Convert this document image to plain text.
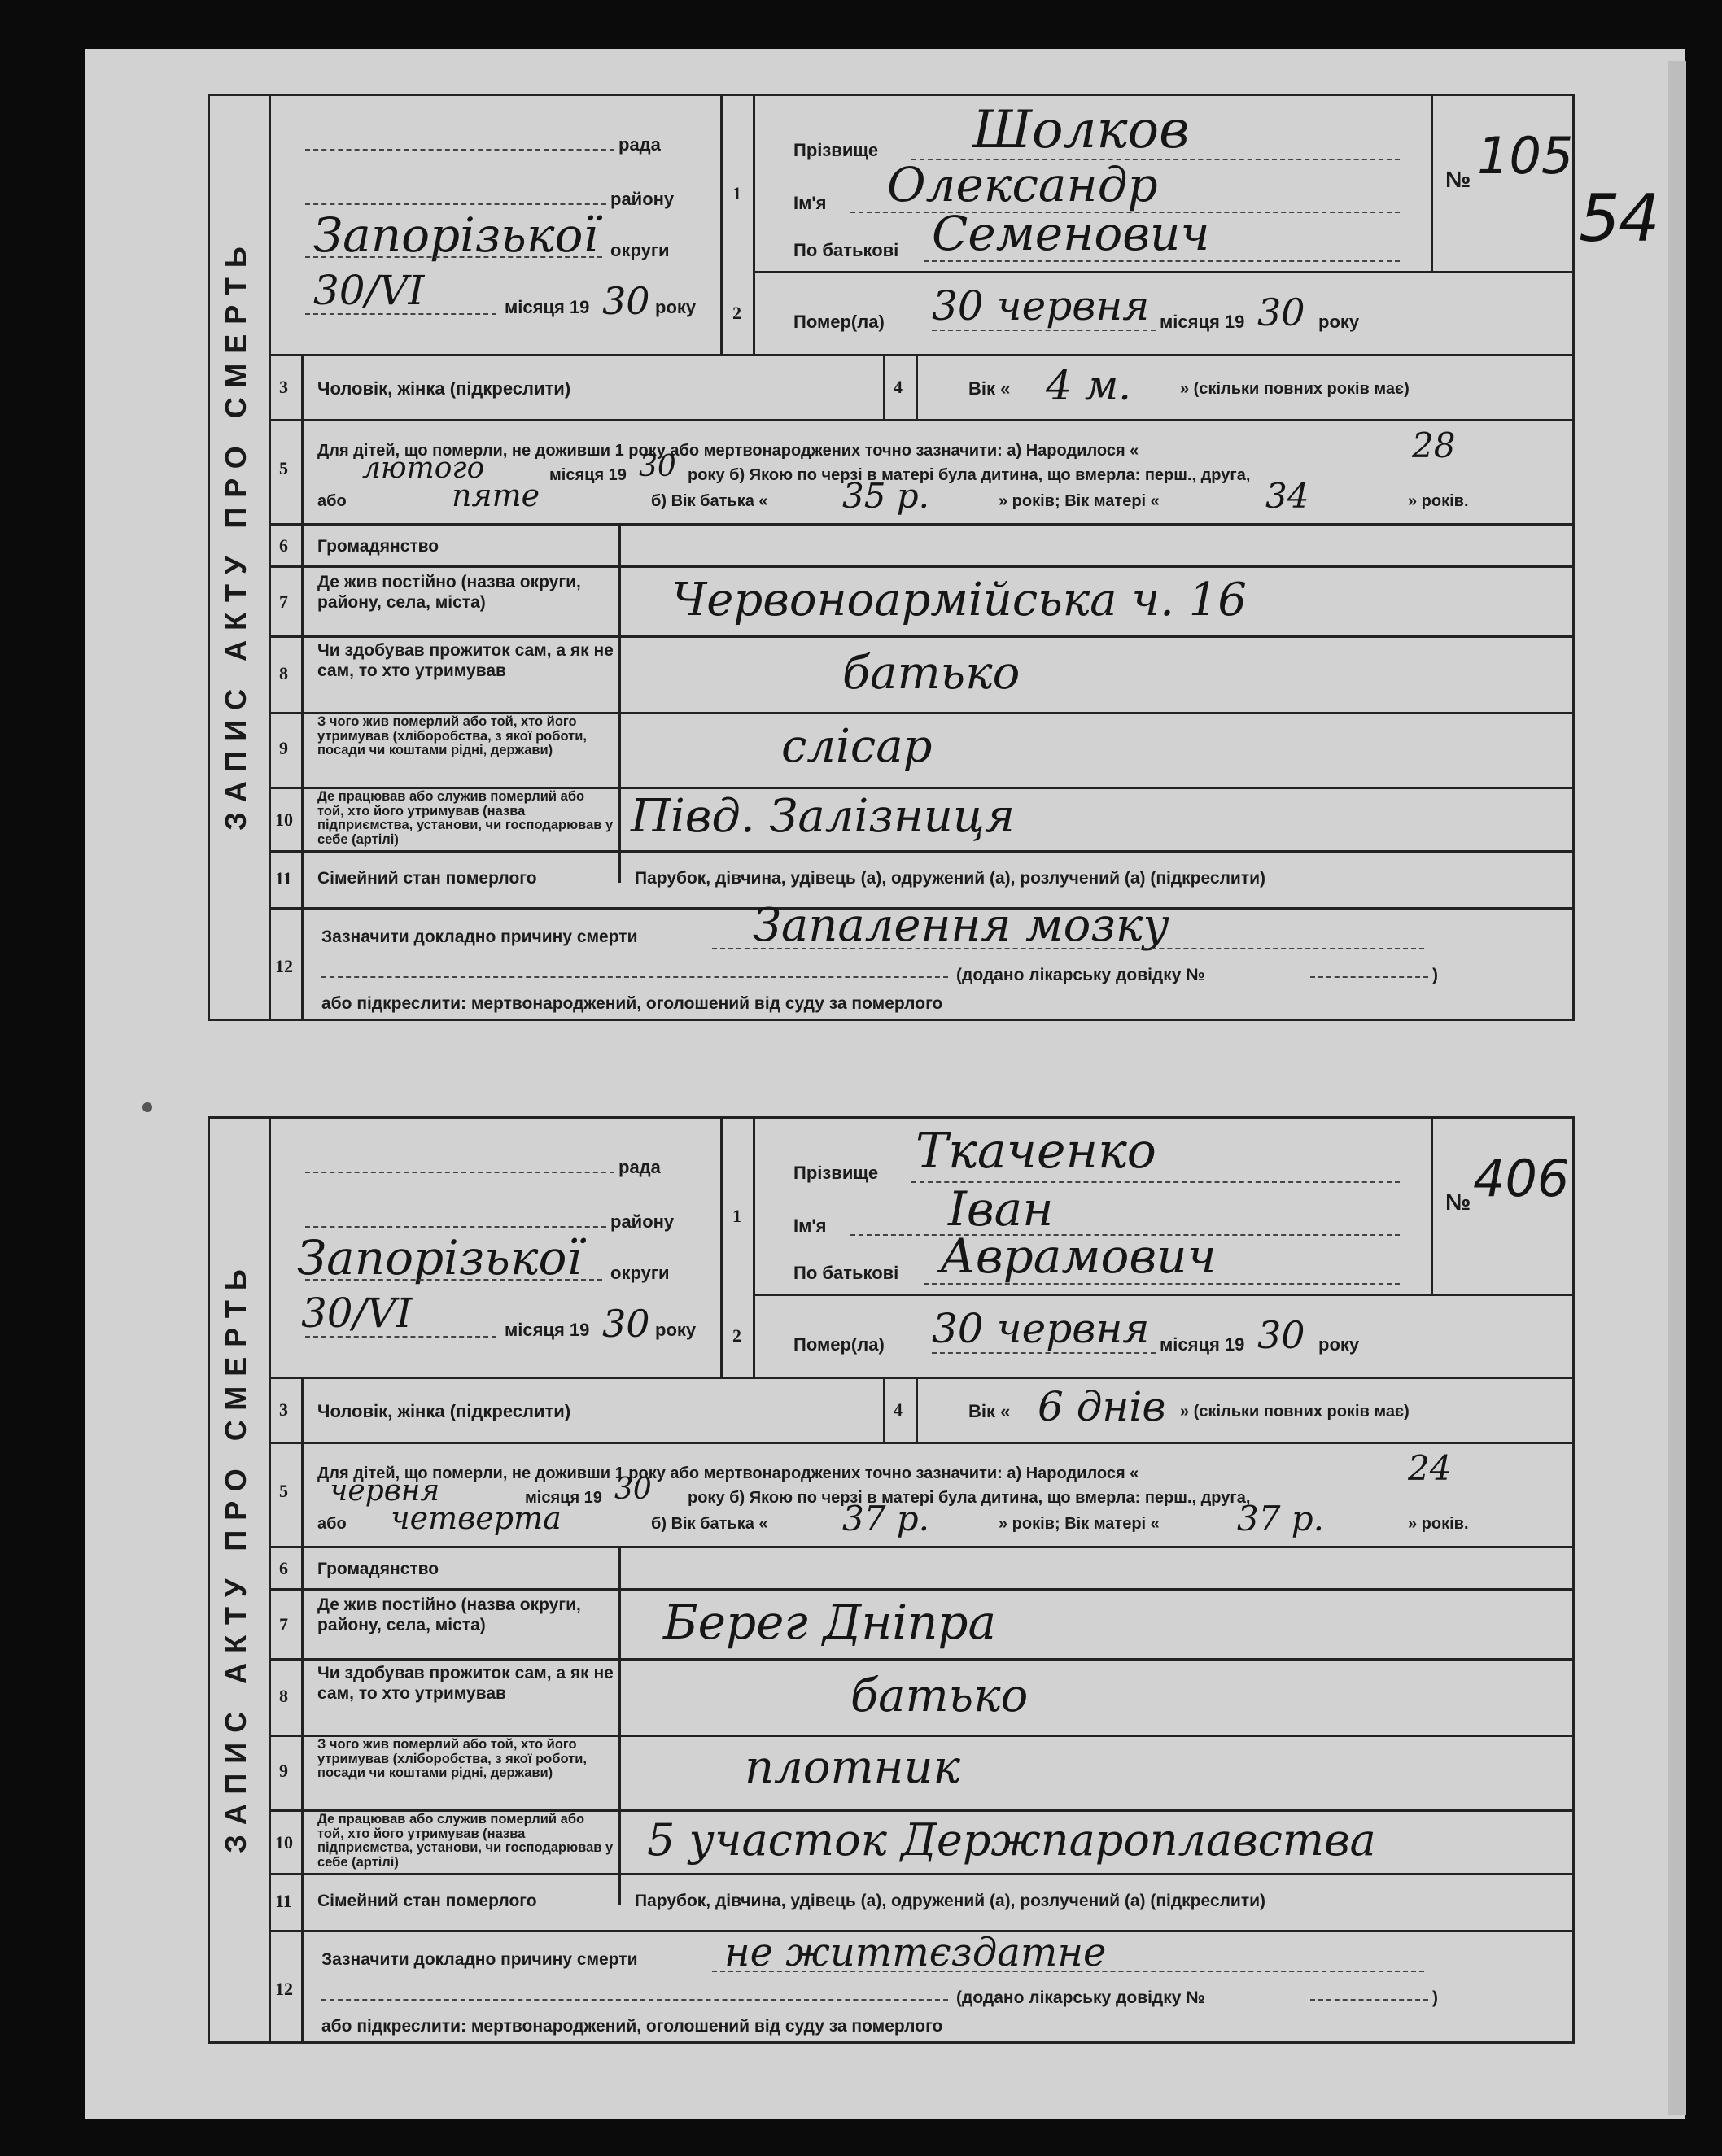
54
ЗАПИС АКТУ ПРО СМЕРТЬ
рада
району
Запорізької округи
30/VI	місяця 19 30 року
1
2
Прізвище Шолков
Ім'я Олександр
По батькові Семенович
№ 105
Помер(ла) 30 червня місяця 19 30 року
3 Чоловік, жінка (підкреслити)	4	Вік « 4 м.	» (скільки повних років має)
5
Для дітей, що померли, не доживши 1 року або мертвонароджених точно зазначити: а) Народилося «	28
лютого	місяця 19 30 року б) Якою по черзі в матері була дитина, що вмерла: перш., друга,
або	пяте	б) Вік батька « 35 р.	» років; Вік матері «	34	» років.
6 Громадянство
7
Де жив постійно (назва округи, району, села, міста)	Червоноармійська ч. 16
8
Чи здобував прожиток сам, а як не сам, то хто утримував	батько
9
З чого жив померлий або той, хто його утримував (хліборобства, з якої роботи, посади чи коштами рідні, держави)	слісар
10
Де працював або служив померлий або той, хто його утримував (назва підприємства, установи, чи господарював у себе (артілі)	Півд. Залізниця
11 Сімейний стан померлого	Парубок, дівчина, удівець (а), одружений (а), розлучений (а) (підкреслити)
12
Зазначити докладно причину смерти	Запалення мозку
(додано лікарську довідку №	)
або підкреслити: мертвонароджений, оголошений від суду за померлого
ЗАПИС АКТУ ПРО СМЕРТЬ
рада
району
Запорізької округи
30/VI	місяця 19 30 року
1
2
Прізвище Ткаченко
Ім'я	Іван
По батькові Аврамович
№ 406
Помер(ла) 30 червня місяця 19 30 року
3 Чоловік, жінка (підкреслити)	4	Вік « 6 днів » (скільки повних років має)
5
Для дітей, що померли, не доживши 1 року або мертвонароджених точно зазначити: а) Народилося «	24
червня	місяця 19 30 року б) Якою по черзі в матері була дитина, що вмерла: перш., друга,
або четверта	б) Вік батька « 37 р.	» років; Вік матері « 37 р.	» років.
6 Громадянство
7
Де жив постійно (назва округи, району, села, міста)	Берег Дніпра
8
Чи здобував прожиток сам, а як не сам, то хто утримував	батько
9
З чого жив померлий або той, хто його утримував (хліборобства, з якої роботи, посади чи коштами рідні, держави)	плотник
10
Де працював або служив померлий або той, хто його утримував (назва підприємства, установи, чи господарював у себе (артілі)	5 участок Держпароплавства
11 Сімейний стан померлого	Парубок, дівчина, удівець (а), одружений (а), розлучений (а) (підкреслити)
12
Зазначити докладно причину смерти не життєздатне
(додано лікарську довідку №	)
або підкреслити: мертвонароджений, оголошений від суду за померлого
